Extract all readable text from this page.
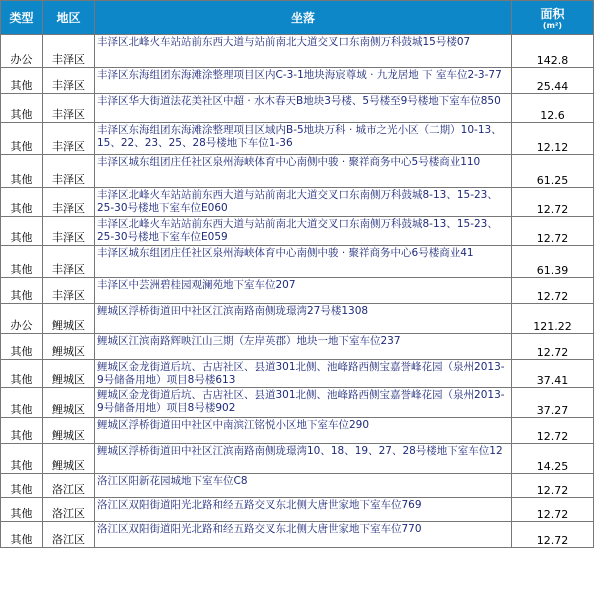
类型	地区	坐落	面积
(m²)

办公	丰泽区	丰泽区北峰火车站站前东西大道与站前南北大道交叉口东南侧万科鼓城15号楼07	142.8
其他	丰泽区	丰泽区东海组团东海滩涂整理项目区内C-3-1地块海宸尊域 · 九龙居地 下 室车位2-3-77	25.44
其他	丰泽区	丰泽区华大街道法花美社区中超 · 水木春天B地块3号楼、5号楼至9号楼地下室车位850	12.6
其他	丰泽区	丰泽区东海组团东海滩涂整理项目区域内B-5地块万科 · 城市之光小区（二期）10-13、15、22、23、25、28号楼地下车位1-36	12.12
其他	丰泽区	丰泽区城东组团庄任社区泉州海峡体育中心南侧中骏 · 聚祥商务中心5号楼商业110	61.25
其他	丰泽区	丰泽区北峰火车站站前东西大道与站前南北大道交叉口东南侧万科鼓城8-13、15-23、25-30号楼地下室车位E060	12.72
其他	丰泽区	丰泽区北峰火车站站前东西大道与站前南北大道交叉口东南侧万科鼓城8-13、15-23、25-30号楼地下室车位E059	12.72
其他	丰泽区	丰泽区城东组团庄任社区泉州海峡体育中心南侧中骏 · 聚祥商务中心6号楼商业41	61.39
其他	丰泽区	丰泽区中芸洲碧桂园观澜苑地下室车位207	12.72
办公	鲤城区	鲤城区浮桥街道田中社区江滨南路南侧珑璟湾27号楼1308	121.22
其他	鲤城区	鲤城区江滨南路辉映江山三期（左岸英郡）地块一地下室车位237	12.72
其他	鲤城区	鲤城区金龙街道后坑、古店社区、县道301北侧、池峰路西侧宝嘉誉峰花园（泉州2013-9号储备用地）项目8号楼613	37.41
其他	鲤城区	鲤城区金龙街道后坑、古店社区、县道301北侧、池峰路西侧宝嘉誉峰花园（泉州2013-9号储备用地）项目8号楼902	37.27
其他	鲤城区	鲤城区浮桥街道田中社区中南滨江铭悦小区地下室车位290	12.72
其他	鲤城区	鲤城区浮桥街道田中社区江滨南路南侧珑璟湾10、18、19、27、28号楼地下室车位12	14.25
其他	洛江区	洛江区阳新花园城地下室车位C8	12.72
其他	洛江区	洛江区双阳街道阳光北路和经五路交叉东北侧大唐世家地下室车位769	12.72
其他	洛江区	洛江区双阳街道阳光北路和经五路交叉东北侧大唐世家地下室车位770	12.72
